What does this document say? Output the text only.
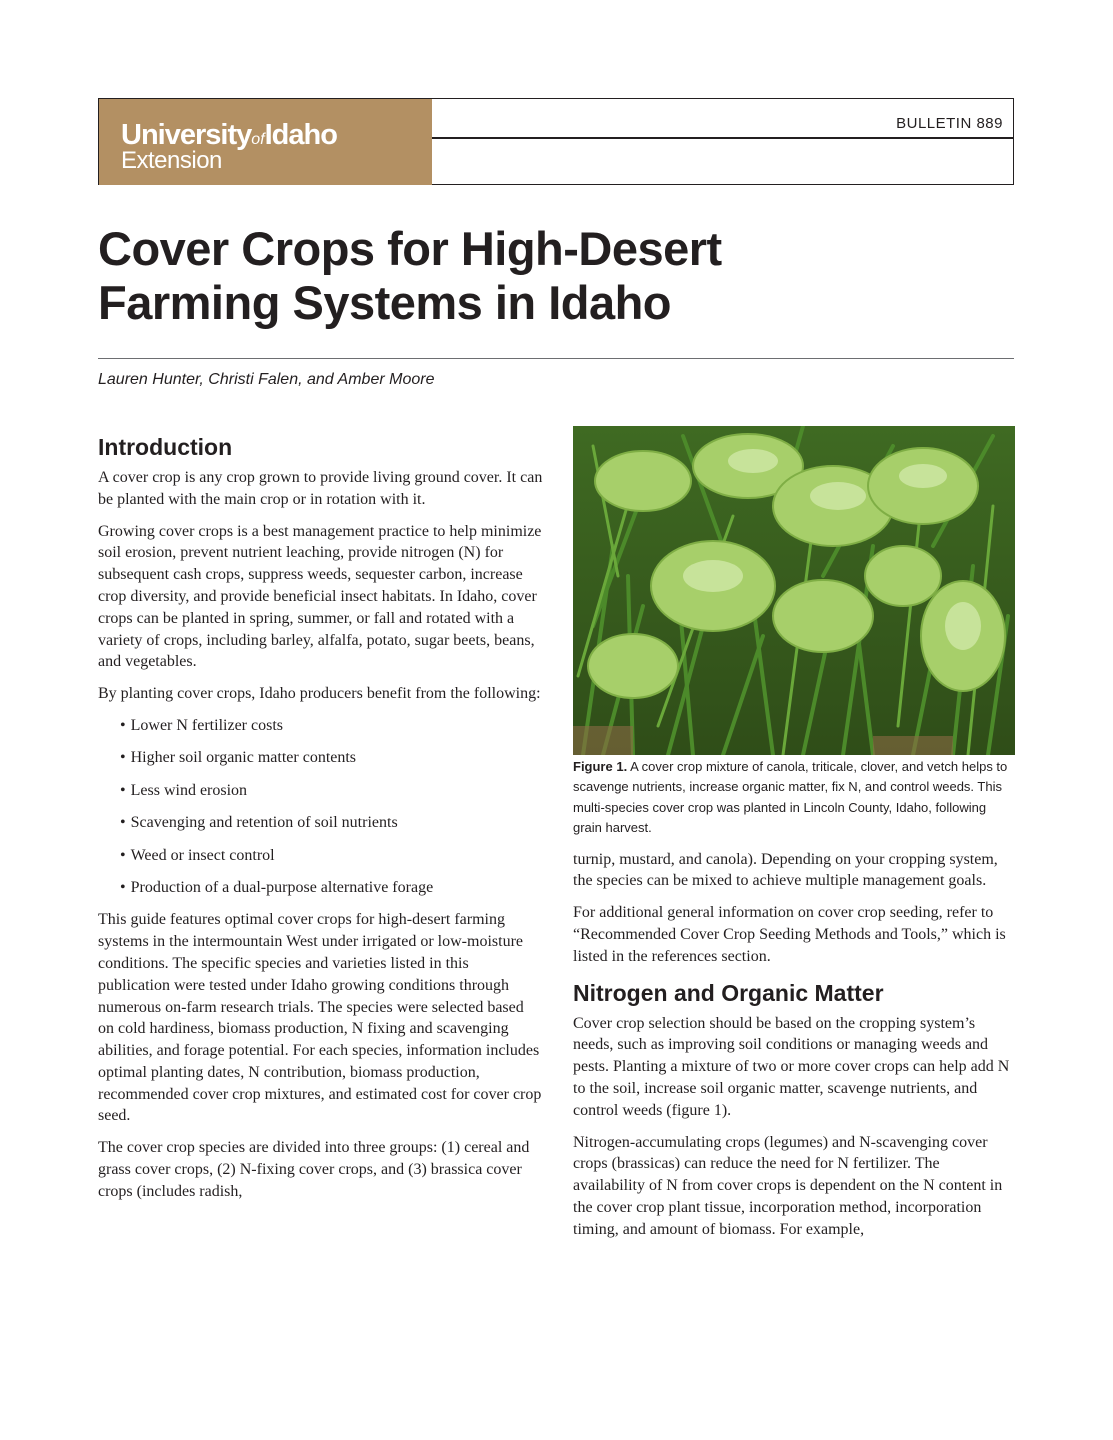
UniversityofIdaho
Extension
BULLETIN 889
Cover Crops for High-Desert
Farming Systems in Idaho
Lauren Hunter, Christi Falen, and Amber Moore
Introduction

A cover crop is any crop grown to provide living ground cover. It can be planted with the main crop or in rotation with it.

Growing cover crops is a best management practice to help minimize soil erosion, prevent nutrient leaching, provide nitrogen (N) for subsequent cash crops, suppress weeds, sequester carbon, increase crop diversity, and provide beneficial insect habitats. In Idaho, cover crops can be planted in spring, summer, or fall and rotated with a variety of crops, including barley, alfalfa, potato, sugar beets, beans, and vegetables.

By planting cover crops, Idaho producers benefit from the following:

• Lower N fertilizer costs
• Higher soil organic matter contents
• Less wind erosion
• Scavenging and retention of soil nutrients
• Weed or insect control
• Production of a dual-purpose alternative forage

This guide features optimal cover crops for high-desert farming systems in the intermountain West under irrigated or low-moisture conditions. The specific species and varieties listed in this publication were tested under Idaho growing conditions through numerous on-farm research trials. The species were selected based on cold hardiness, biomass production, N fixing and scavenging abilities, and forage potential. For each species, information includes optimal planting dates, N contribution, biomass production, recommended cover crop mixtures, and estimated cost for cover crop seed.

The cover crop species are divided into three groups: (1) cereal and grass cover crops, (2) N-fixing cover crops, and (3) brassica cover crops (includes radish,

Figure 1. A cover crop mixture of canola, triticale, clover, and vetch helps to scavenge nutrients, increase organic matter, fix N, and control weeds. This multi-species cover crop was planted in Lincoln County, Idaho, following grain harvest.

turnip, mustard, and canola). Depending on your cropping system, the species can be mixed to achieve multiple management goals.

For additional general information on cover crop seeding, refer to “Recommended Cover Crop Seeding Methods and Tools,” which is listed in the references section.

Nitrogen and Organic Matter

Cover crop selection should be based on the cropping system’s needs, such as improving soil conditions or managing weeds and pests. Planting a mixture of two or more cover crops can help add N to the soil, increase soil organic matter, scavenge nutrients, and control weeds (figure 1).

Nitrogen-accumulating crops (legumes) and N-scavenging cover crops (brassicas) can reduce the need for N fertilizer. The availability of N from cover crops is dependent on the N content in the cover crop plant tissue, incorporation method, incorporation timing, and amount of biomass. For example,
